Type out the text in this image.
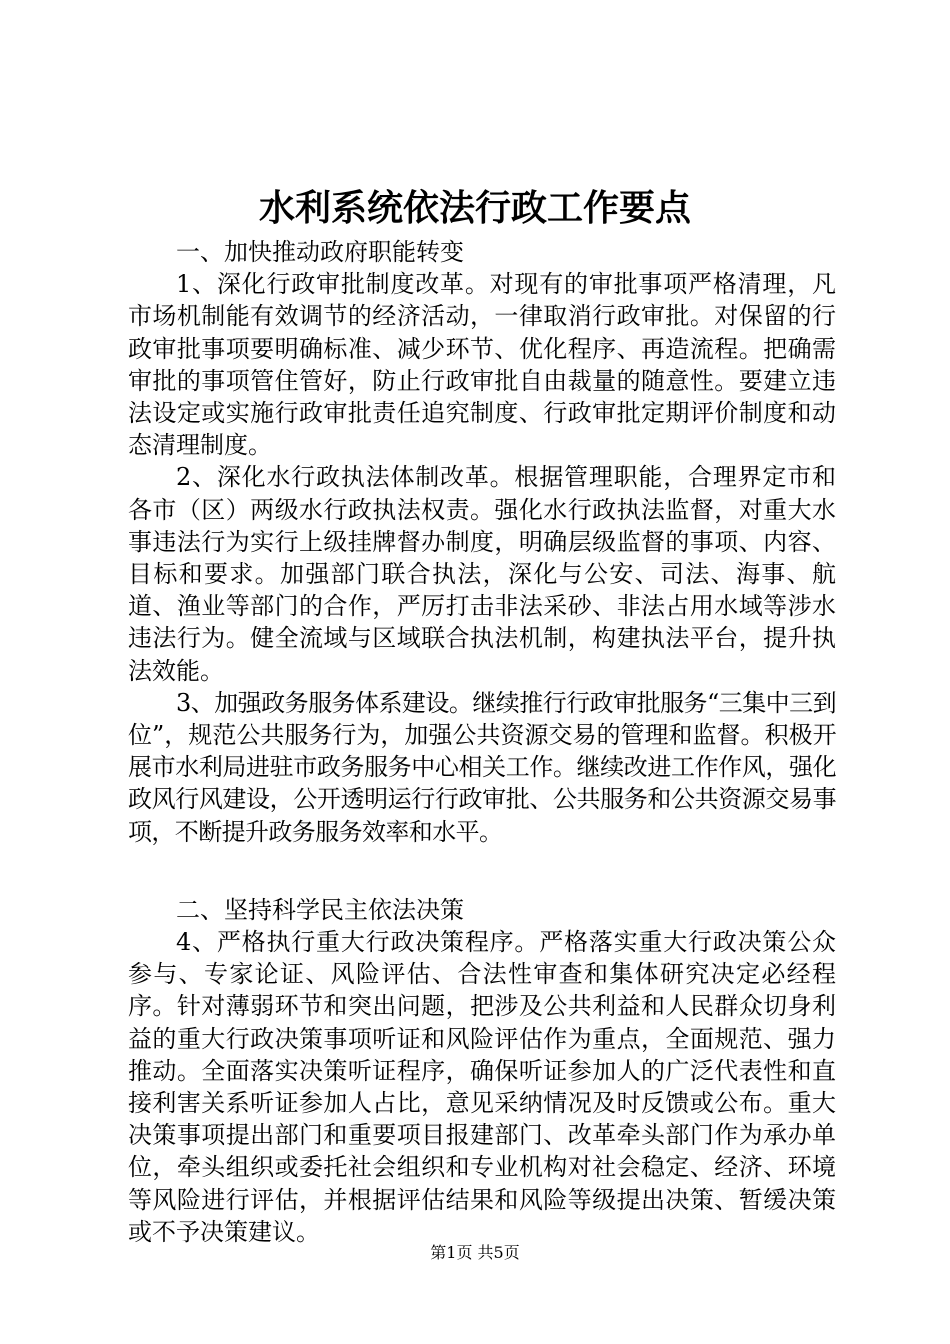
水利系统依法行政工作要点

一、加快推动政府职能转变

1、深化行政审批制度改革。对现有的审批事项严格清理，凡市场机制能有效调节的经济活动，一律取消行政审批。对保留的行政审批事项要明确标准、减少环节、优化程序、再造流程。把确需审批的事项管住管好，防止行政审批自由裁量的随意性。要建立违法设定或实施行政审批责任追究制度、行政审批定期评价制度和动态清理制度。

2、深化水行政执法体制改革。根据管理职能，合理界定市和各市（区）两级水行政执法权责。强化水行政执法监督，对重大水事违法行为实行上级挂牌督办制度，明确层级监督的事项、内容、目标和要求。加强部门联合执法，深化与公安、司法、海事、航道、渔业等部门的合作，严厉打击非法采砂、非法占用水域等涉水违法行为。健全流域与区域联合执法机制，构建执法平台，提升执法效能。

3、加强政务服务体系建设。继续推行行政审批服务“三集中三到位”，规范公共服务行为，加强公共资源交易的管理和监督。积极开展市水利局进驻市政务服务中心相关工作。继续改进工作作风，强化政风行风建设，公开透明运行行政审批、公共服务和公共资源交易事项，不断提升政务服务效率和水平。

二、坚持科学民主依法决策

4、严格执行重大行政决策程序。严格落实重大行政决策公众参与、专家论证、风险评估、合法性审查和集体研究决定必经程序。针对薄弱环节和突出问题，把涉及公共利益和人民群众切身利益的重大行政决策事项听证和风险评估作为重点，全面规范、强力推动。全面落实决策听证程序，确保听证参加人的广泛代表性和直接利害关系听证参加人占比，意见采纳情况及时反馈或公布。重大决策事项提出部门和重要项目报建部门、改革牵头部门作为承办单位，牵头组织或委托社会组织和专业机构对社会稳定、经济、环境等风险进行评估，并根据评估结果和风险等级提出决策、暂缓决策或不予决策建议。

第1页 共5页
